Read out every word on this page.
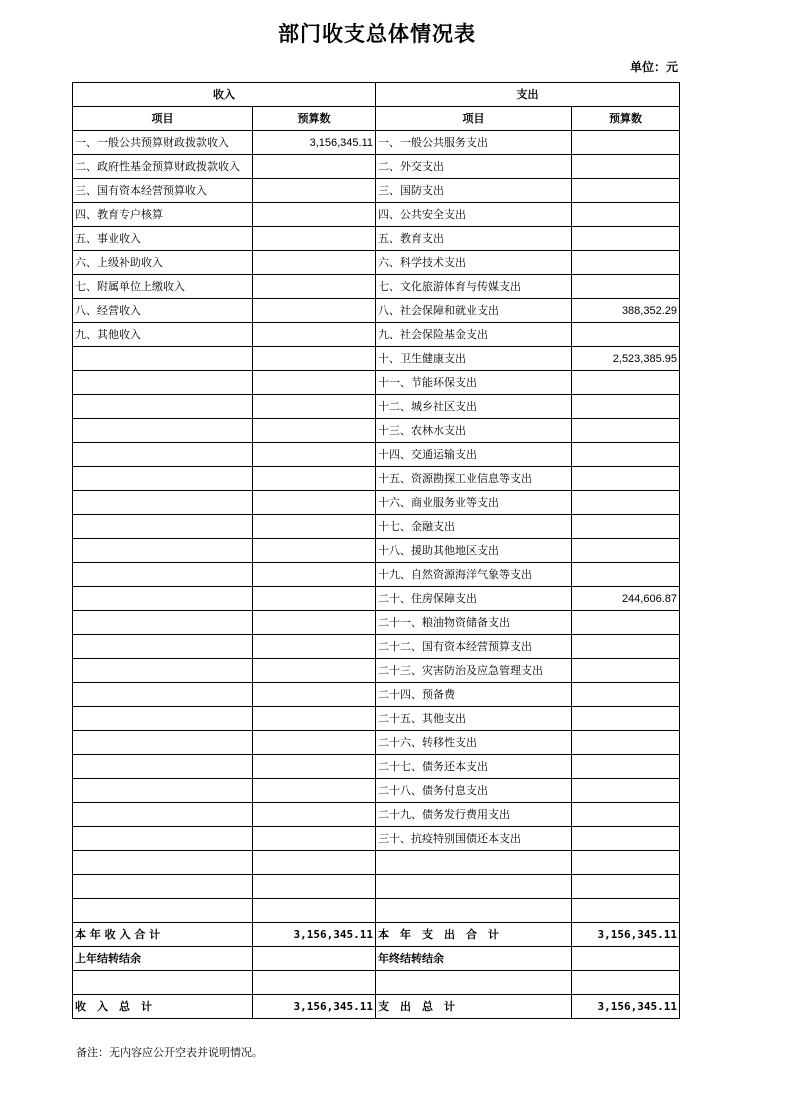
部门收支总体情况表
单位：元
收入		支出	
项目	预算数	项目	预算数
一、一般公共预算财政拨款收入	3,156,345.11	一、一般公共服务支出	
二、政府性基金预算财政拨款收入		二、外交支出	
三、国有资本经营预算收入		三、国防支出	
四、教育专户核算		四、公共安全支出	
五、事业收入		五、教育支出	
六、上级补助收入		六、科学技术支出	
七、附属单位上缴收入		七、文化旅游体育与传媒支出	
八、经营收入		八、社会保障和就业支出	388,352.29
九、其他收入		九、社会保险基金支出	
		十、卫生健康支出	2,523,385.95
		十一、节能环保支出	
		十二、城乡社区支出	
		十三、农林水支出	
		十四、交通运输支出	
		十五、资源勘探工业信息等支出	
		十六、商业服务业等支出	
		十七、金融支出	
		十八、援助其他地区支出	
		十九、自然资源海洋气象等支出	
		二十、住房保障支出	244,606.87
		二十一、粮油物资储备支出	
		二十二、国有资本经营预算支出	
		二十三、灾害防治及应急管理支出	
		二十四、预备费	
		二十五、其他支出	
		二十六、转移性支出	
		二十七、债务还本支出	
		二十八、债务付息支出	
		二十九、债务发行费用支出	
		三十、抗疫特别国债还本支出	

本 年 收 入 合 计	3,156,345.11	本　年　支　出　合　计	3,156,345.11
上年结转结余		年终结转结余	

收　入　总　计	3,156,345.11	支　出　总　计	3,156,345.11
备注：无内容应公开空表并说明情况。
